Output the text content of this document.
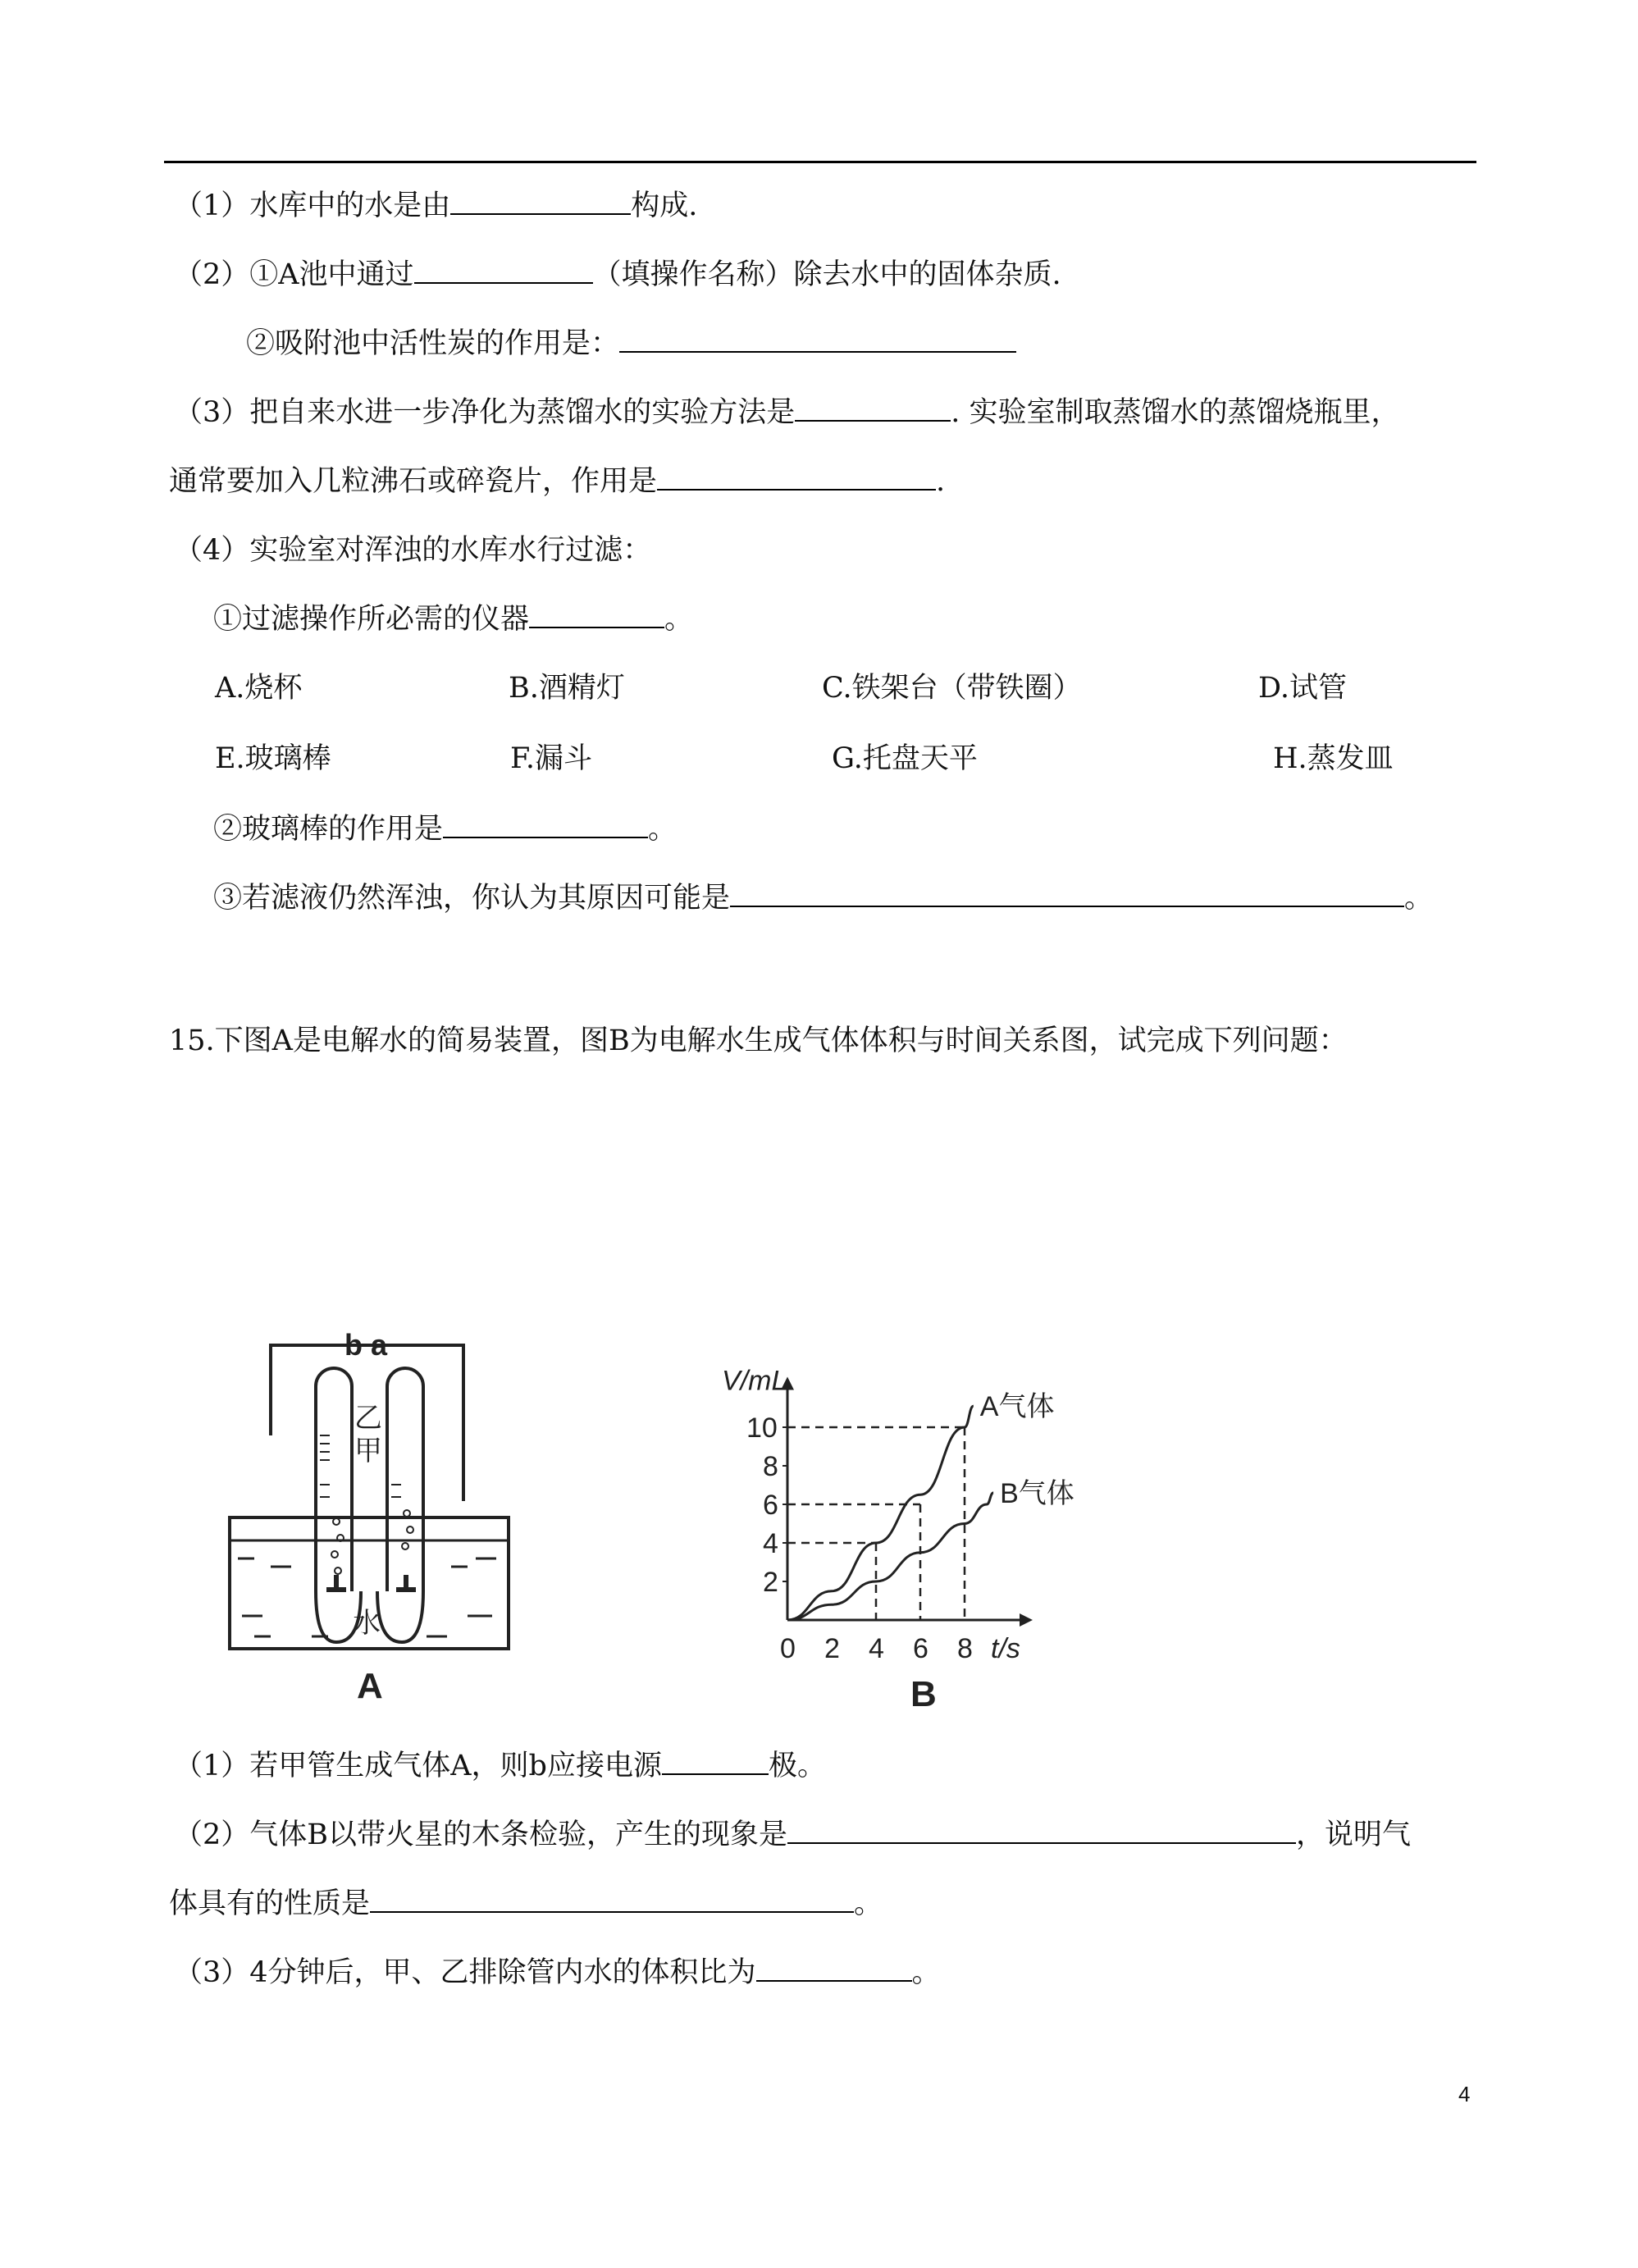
（1）水库中的水是由	构成.
（2）①A池中通过	（填操作名称）除去水中的固体杂质.
②吸附池中活性炭的作用是：
（3）把自来水进一步净化为蒸馏水的实验方法是	. 实验室制取蒸馏水的蒸馏烧瓶里，
通常要加入几粒沸石或碎瓷片，作用是	.
（4）实验室对浑浊的水库水行过滤：
①过滤操作所必需的仪器	。
A.烧杯	B.酒精灯	C.铁架台（带铁圈）	D.试管
E.玻璃棒	F.漏斗	G.托盘天平	H.蒸发皿
②玻璃棒的作用是	。
③若滤液仍然浑浊，你认为其原因可能是	。
15.下图A是电解水的简易装置，图B为电解水生成气体体积与时间关系图，试完成下列问题：
b a
乙
甲
水
A
V/mL
t/s
0 2 4 6 8
2
4
6
8
10
A气体
B气体
B
（1）若甲管生成气体A，则b应接电源	极。
（2）气体B以带火星的木条检验，产生的现象是	，说明气
体具有的性质是	。
（3）4分钟后，甲、乙排除管内水的体积比为	。
4
